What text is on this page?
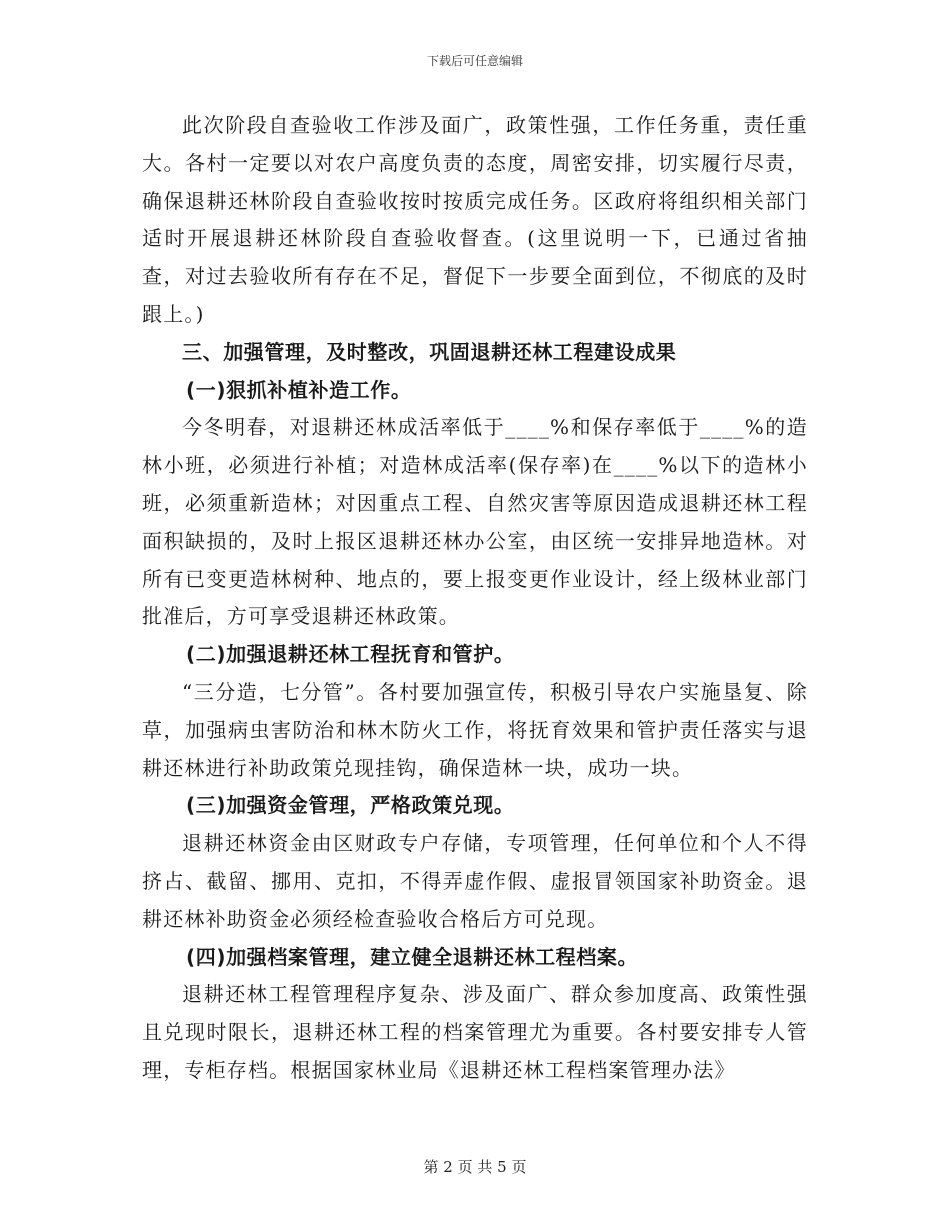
下载后可任意编辑

此次阶段自查验收工作涉及面广，政策性强，工作任务重，责任重大。各村一定要以对农户高度负责的态度，周密安排，切实履行尽责，确保退耕还林阶段自查验收按时按质完成任务。区政府将组织相关部门适时开展退耕还林阶段自查验收督查。(这里说明一下，已通过省抽查，对过去验收所有存在不足，督促下一步要全面到位，不彻底的及时跟上。)

三、加强管理，及时整改，巩固退耕还林工程建设成果

(一)狠抓补植补造工作。

今冬明春，对退耕还林成活率低于____%和保存率低于____%的造林小班，必须进行补植；对造林成活率(保存率)在____%以下的造林小班，必须重新造林；对因重点工程、自然灾害等原因造成退耕还林工程面积缺损的，及时上报区退耕还林办公室，由区统一安排异地造林。对所有已变更造林树种、地点的，要上报变更作业设计，经上级林业部门批准后，方可享受退耕还林政策。

(二)加强退耕还林工程抚育和管护。

“三分造，七分管”。各村要加强宣传，积极引导农户实施垦复、除草，加强病虫害防治和林木防火工作，将抚育效果和管护责任落实与退耕还林进行补助政策兑现挂钩，确保造林一块，成功一块。

(三)加强资金管理，严格政策兑现。

退耕还林资金由区财政专户存储，专项管理，任何单位和个人不得挤占、截留、挪用、克扣，不得弄虚作假、虚报冒领国家补助资金。退耕还林补助资金必须经检查验收合格后方可兑现。

(四)加强档案管理，建立健全退耕还林工程档案。

退耕还林工程管理程序复杂、涉及面广、群众参加度高、政策性强且兑现时限长，退耕还林工程的档案管理尤为重要。各村要安排专人管理，专柜存档。根据国家林业局《退耕还林工程档案管理办法》

第 2 页 共 5 页
